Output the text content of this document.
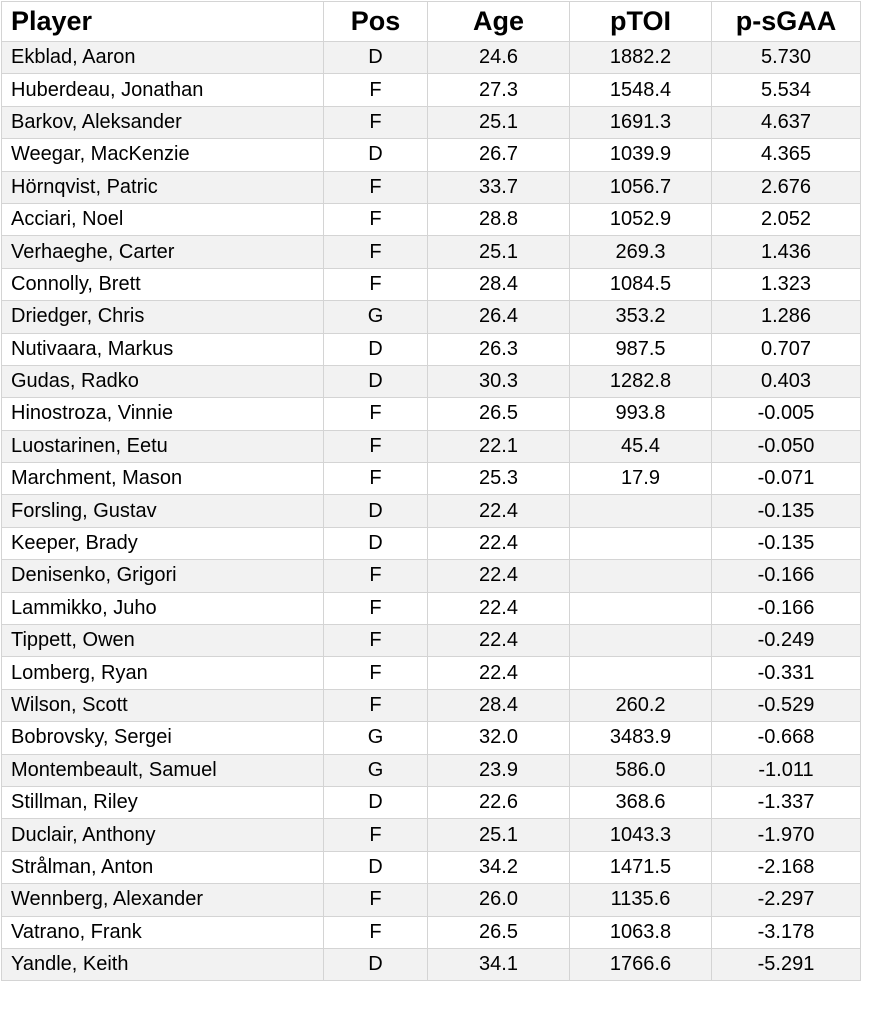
Player	Pos	Age	pTOI	p-sGAA
Ekblad, Aaron	D	24.6	1882.2	5.730
Huberdeau, Jonathan	F	27.3	1548.4	5.534
Barkov, Aleksander	F	25.1	1691.3	4.637
Weegar, MacKenzie	D	26.7	1039.9	4.365
Hörnqvist, Patric	F	33.7	1056.7	2.676
Acciari, Noel	F	28.8	1052.9	2.052
Verhaeghe, Carter	F	25.1	269.3	1.436
Connolly, Brett	F	28.4	1084.5	1.323
Driedger, Chris	G	26.4	353.2	1.286
Nutivaara, Markus	D	26.3	987.5	0.707
Gudas, Radko	D	30.3	1282.8	0.403
Hinostroza, Vinnie	F	26.5	993.8	-0.005
Luostarinen, Eetu	F	22.1	45.4	-0.050
Marchment, Mason	F	25.3	17.9	-0.071
Forsling, Gustav	D	22.4		-0.135
Keeper, Brady	D	22.4		-0.135
Denisenko, Grigori	F	22.4		-0.166
Lammikko, Juho	F	22.4		-0.166
Tippett, Owen	F	22.4		-0.249
Lomberg, Ryan	F	22.4		-0.331
Wilson, Scott	F	28.4	260.2	-0.529
Bobrovsky, Sergei	G	32.0	3483.9	-0.668
Montembeault, Samuel	G	23.9	586.0	-1.011
Stillman, Riley	D	22.6	368.6	-1.337
Duclair, Anthony	F	25.1	1043.3	-1.970
Strålman, Anton	D	34.2	1471.5	-2.168
Wennberg, Alexander	F	26.0	1135.6	-2.297
Vatrano, Frank	F	26.5	1063.8	-3.178
Yandle, Keith	D	34.1	1766.6	-5.291
